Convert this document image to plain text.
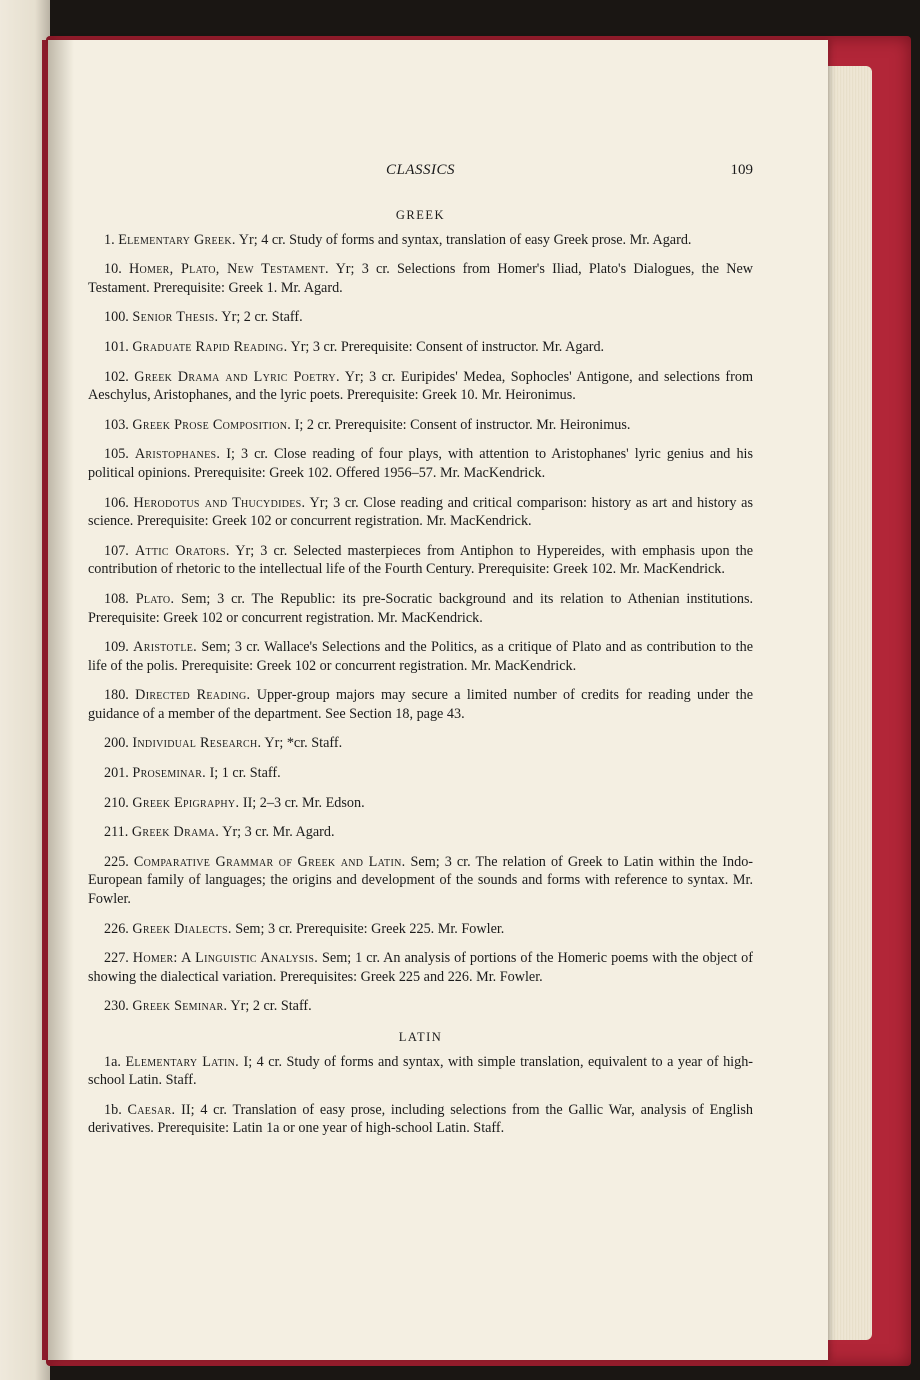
CLASSICS	109
GREEK

1. Elementary Greek. Yr; 4 cr. Study of forms and syntax, translation of easy Greek prose. Mr. Agard.

10. Homer, Plato, New Testament. Yr; 3 cr. Selections from Homer's Iliad, Plato's Dialogues, the New Testament. Prerequisite: Greek 1. Mr. Agard.

100. Senior Thesis. Yr; 2 cr. Staff.

101. Graduate Rapid Reading. Yr; 3 cr. Prerequisite: Consent of instructor. Mr. Agard.

102. Greek Drama and Lyric Poetry. Yr; 3 cr. Euripides' Medea, Sophocles' Antigone, and selections from Aeschylus, Aristophanes, and the lyric poets. Prerequisite: Greek 10. Mr. Heironimus.

103. Greek Prose Composition. I; 2 cr. Prerequisite: Consent of instructor. Mr. Heironimus.

105. Aristophanes. I; 3 cr. Close reading of four plays, with attention to Aristophanes' lyric genius and his political opinions. Prerequisite: Greek 102. Offered 1956–57. Mr. MacKendrick.

106. Herodotus and Thucydides. Yr; 3 cr. Close reading and critical comparison: history as art and history as science. Prerequisite: Greek 102 or concurrent registration. Mr. MacKendrick.

107. Attic Orators. Yr; 3 cr. Selected masterpieces from Antiphon to Hypereides, with emphasis upon the contribution of rhetoric to the intellectual life of the Fourth Century. Prerequisite: Greek 102. Mr. MacKendrick.

108. Plato. Sem; 3 cr. The Republic: its pre-Socratic background and its relation to Athenian institutions. Prerequisite: Greek 102 or concurrent registration. Mr. MacKendrick.

109. Aristotle. Sem; 3 cr. Wallace's Selections and the Politics, as a critique of Plato and as contribution to the life of the polis. Prerequisite: Greek 102 or concurrent registration. Mr. MacKendrick.

180. Directed Reading. Upper-group majors may secure a limited number of credits for reading under the guidance of a member of the department. See Section 18, page 43.

200. Individual Research. Yr; *cr. Staff.

201. Proseminar. I; 1 cr. Staff.

210. Greek Epigraphy. II; 2–3 cr. Mr. Edson.

211. Greek Drama. Yr; 3 cr. Mr. Agard.

225. Comparative Grammar of Greek and Latin. Sem; 3 cr. The relation of Greek to Latin within the Indo-European family of languages; the origins and development of the sounds and forms with reference to syntax. Mr. Fowler.

226. Greek Dialects. Sem; 3 cr. Prerequisite: Greek 225. Mr. Fowler.

227. Homer: A Linguistic Analysis. Sem; 1 cr. An analysis of portions of the Homeric poems with the object of showing the dialectical variation. Prerequisites: Greek 225 and 226. Mr. Fowler.

230. Greek Seminar. Yr; 2 cr. Staff.

LATIN

1a. Elementary Latin. I; 4 cr. Study of forms and syntax, with simple translation, equivalent to a year of high-school Latin. Staff.

1b. Caesar. II; 4 cr. Translation of easy prose, including selections from the Gallic War, analysis of English derivatives. Prerequisite: Latin 1a or one year of high-school Latin. Staff.
